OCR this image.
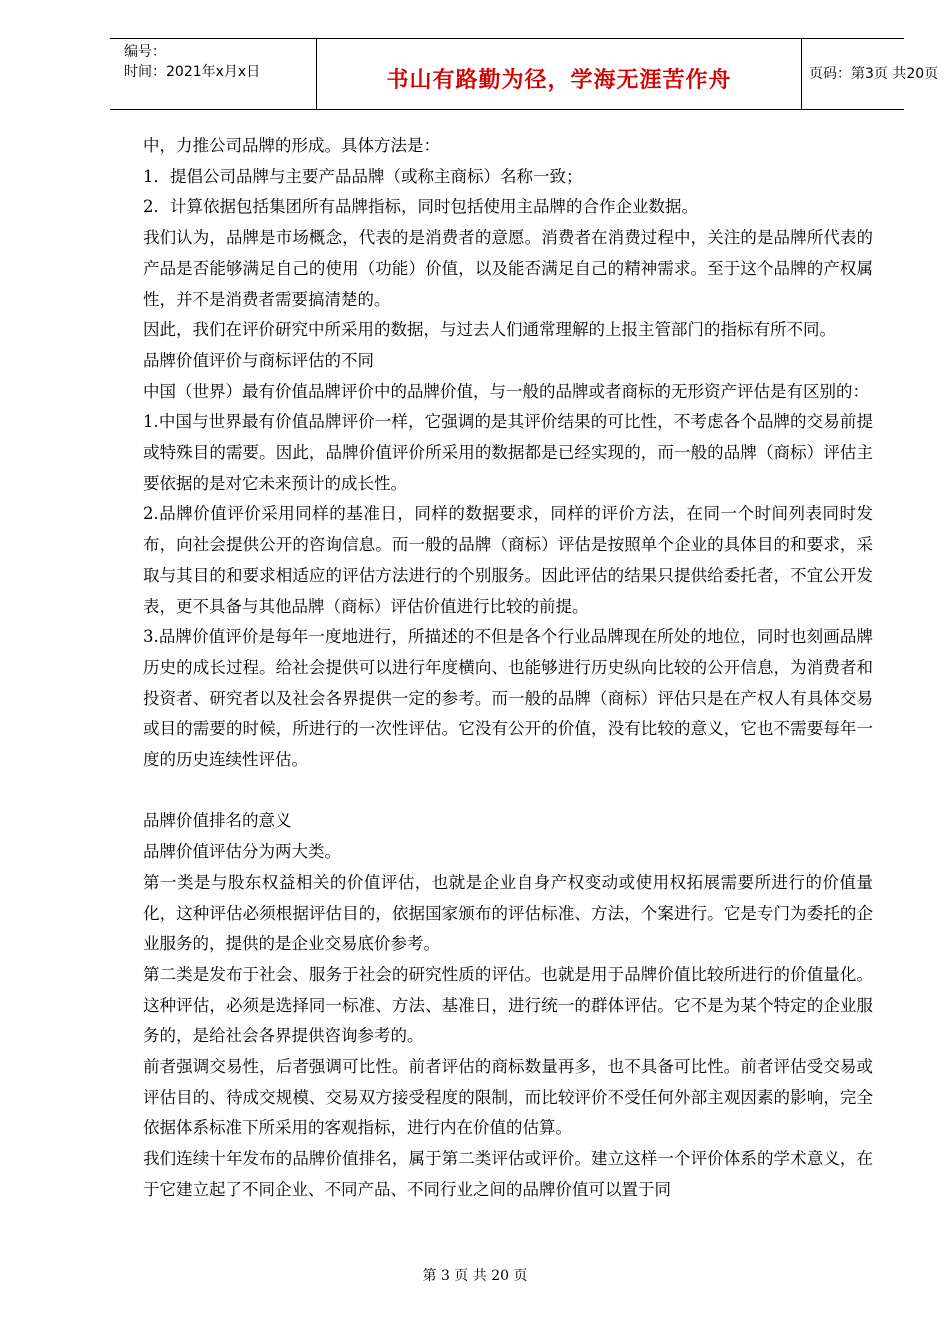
编号：
时间：2021年x月x日	书山有路勤为径，学海无涯苦作舟	页码：第3页 共20页

中，力推公司品牌的形成。具体方法是：

1．提倡公司品牌与主要产品品牌（或称主商标）名称一致；

2．计算依据包括集团所有品牌指标，同时包括使用主品牌的合作企业数据。

我们认为，品牌是市场概念，代表的是消费者的意愿。消费者在消费过程中，关注的是品牌所代表的产品是否能够满足自己的使用（功能）价值，以及能否满足自己的精神需求。至于这个品牌的产权属性，并不是消费者需要搞清楚的。

因此，我们在评价研究中所采用的数据，与过去人们通常理解的上报主管部门的指标有所不同。

品牌价值评价与商标评估的不同

中国（世界）最有价值品牌评价中的品牌价值，与一般的品牌或者商标的无形资产评估是有区别的：

1.中国与世界最有价值品牌评价一样，它强调的是其评价结果的可比性，不考虑各个品牌的交易前提或特殊目的需要。因此，品牌价值评价所采用的数据都是已经实现的，而一般的品牌（商标）评估主要依据的是对它未来预计的成长性。

2.品牌价值评价采用同样的基准日，同样的数据要求，同样的评价方法，在同一个时间列表同时发布，向社会提供公开的咨询信息。而一般的品牌（商标）评估是按照单个企业的具体目的和要求，采取与其目的和要求相适应的评估方法进行的个别服务。因此评估的结果只提供给委托者，不宜公开发表，更不具备与其他品牌（商标）评估价值进行比较的前提。

3.品牌价值评价是每年一度地进行，所描述的不但是各个行业品牌现在所处的地位，同时也刻画品牌历史的成长过程。给社会提供可以进行年度横向、也能够进行历史纵向比较的公开信息，为消费者和投资者、研究者以及社会各界提供一定的参考。而一般的品牌（商标）评估只是在产权人有具体交易或目的需要的时候，所进行的一次性评估。它没有公开的价值，没有比较的意义，它也不需要每年一度的历史连续性评估。

品牌价值排名的意义

品牌价值评估分为两大类。

第一类是与股东权益相关的价值评估，也就是企业自身产权变动或使用权拓展需要所进行的价值量化，这种评估必须根据评估目的，依据国家颁布的评估标准、方法，个案进行。它是专门为委托的企业服务的，提供的是企业交易底价参考。

第二类是发布于社会、服务于社会的研究性质的评估。也就是用于品牌价值比较所进行的价值量化。这种评估，必须是选择同一标准、方法、基准日，进行统一的群体评估。它不是为某个特定的企业服务的，是给社会各界提供咨询参考的。

前者强调交易性，后者强调可比性。前者评估的商标数量再多，也不具备可比性。前者评估受交易或评估目的、待成交规模、交易双方接受程度的限制，而比较评价不受任何外部主观因素的影响，完全依据体系标准下所采用的客观指标，进行内在价值的估算。

我们连续十年发布的品牌价值排名，属于第二类评估或评价。建立这样一个评价体系的学术意义，在于它建立起了不同企业、不同产品、不同行业之间的品牌价值可以置于同

第 3 页 共 20 页
